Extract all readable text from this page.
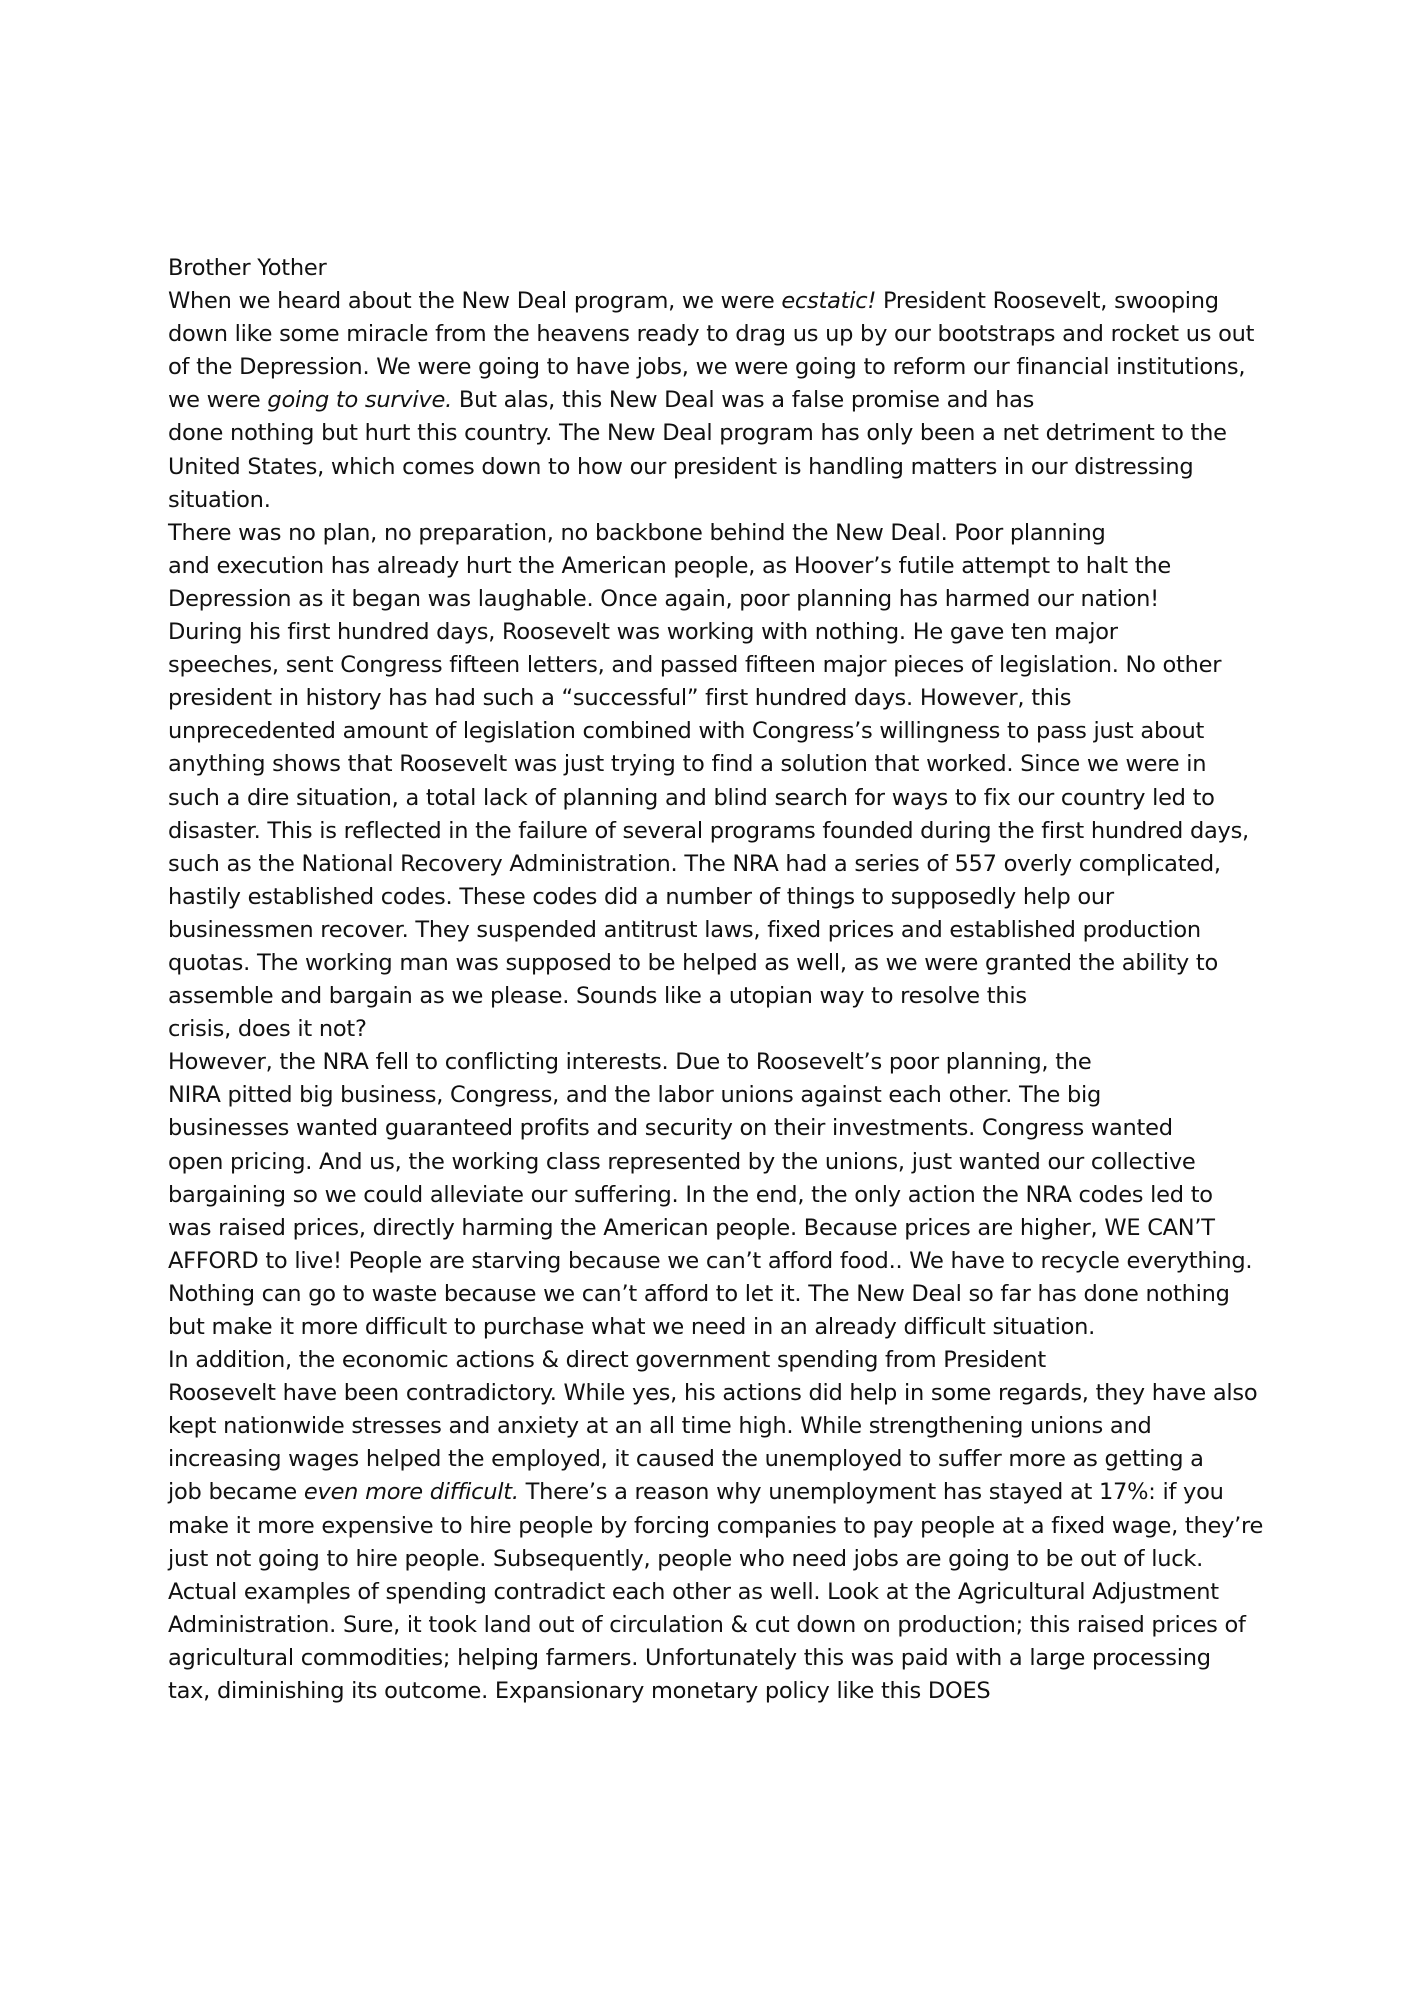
Brother Yother
When we heard about the New Deal program, we were ecstatic! President Roosevelt, swooping
down like some miracle from the heavens ready to drag us up by our bootstraps and rocket us out
of the Depression. We were going to have jobs, we were going to reform our financial institutions,
we were going to survive. But alas, this New Deal was a false promise and has
done nothing but hurt this country. The New Deal program has only been a net detriment to the
United States, which comes down to how our president is handling matters in our distressing
situation.
There was no plan, no preparation, no backbone behind the New Deal. Poor planning
and execution has already hurt the American people, as Hoover’s futile attempt to halt the
Depression as it began was laughable. Once again, poor planning has harmed our nation!
During his first hundred days, Roosevelt was working with nothing. He gave ten major
speeches, sent Congress fifteen letters, and passed fifteen major pieces of legislation. No other
president in history has had such a “successful” first hundred days. However, this
unprecedented amount of legislation combined with Congress’s willingness to pass just about
anything shows that Roosevelt was just trying to find a solution that worked. Since we were in
such a dire situation, a total lack of planning and blind search for ways to fix our country led to
disaster. This is reflected in the failure of several programs founded during the first hundred days,
such as the National Recovery Administration. The NRA had a series of 557 overly complicated,
hastily established codes. These codes did a number of things to supposedly help our
businessmen recover. They suspended antitrust laws, fixed prices and established production
quotas. The working man was supposed to be helped as well, as we were granted the ability to
assemble and bargain as we please. Sounds like a utopian way to resolve this
crisis, does it not?
However, the NRA fell to conflicting interests. Due to Roosevelt’s poor planning, the
NIRA pitted big business, Congress, and the labor unions against each other. The big
businesses wanted guaranteed profits and security on their investments. Congress wanted
open pricing. And us, the working class represented by the unions, just wanted our collective
bargaining so we could alleviate our suffering. In the end, the only action the NRA codes led to
was raised prices, directly harming the American people. Because prices are higher, WE CAN’T
AFFORD to live! People are starving because we can’t afford food.. We have to recycle everything.
Nothing can go to waste because we can’t afford to let it. The New Deal so far has done nothing
but make it more difficult to purchase what we need in an already difficult situation.
In addition, the economic actions & direct government spending from President
Roosevelt have been contradictory. While yes, his actions did help in some regards, they have also
kept nationwide stresses and anxiety at an all time high. While strengthening unions and
increasing wages helped the employed, it caused the unemployed to suffer more as getting a
job became even more difficult. There’s a reason why unemployment has stayed at 17%: if you
make it more expensive to hire people by forcing companies to pay people at a fixed wage, they’re
just not going to hire people. Subsequently, people who need jobs are going to be out of luck.
Actual examples of spending contradict each other as well. Look at the Agricultural Adjustment
Administration. Sure, it took land out of circulation & cut down on production; this raised prices of
agricultural commodities; helping farmers. Unfortunately this was paid with a large processing
tax, diminishing its outcome. Expansionary monetary policy like this DOES
